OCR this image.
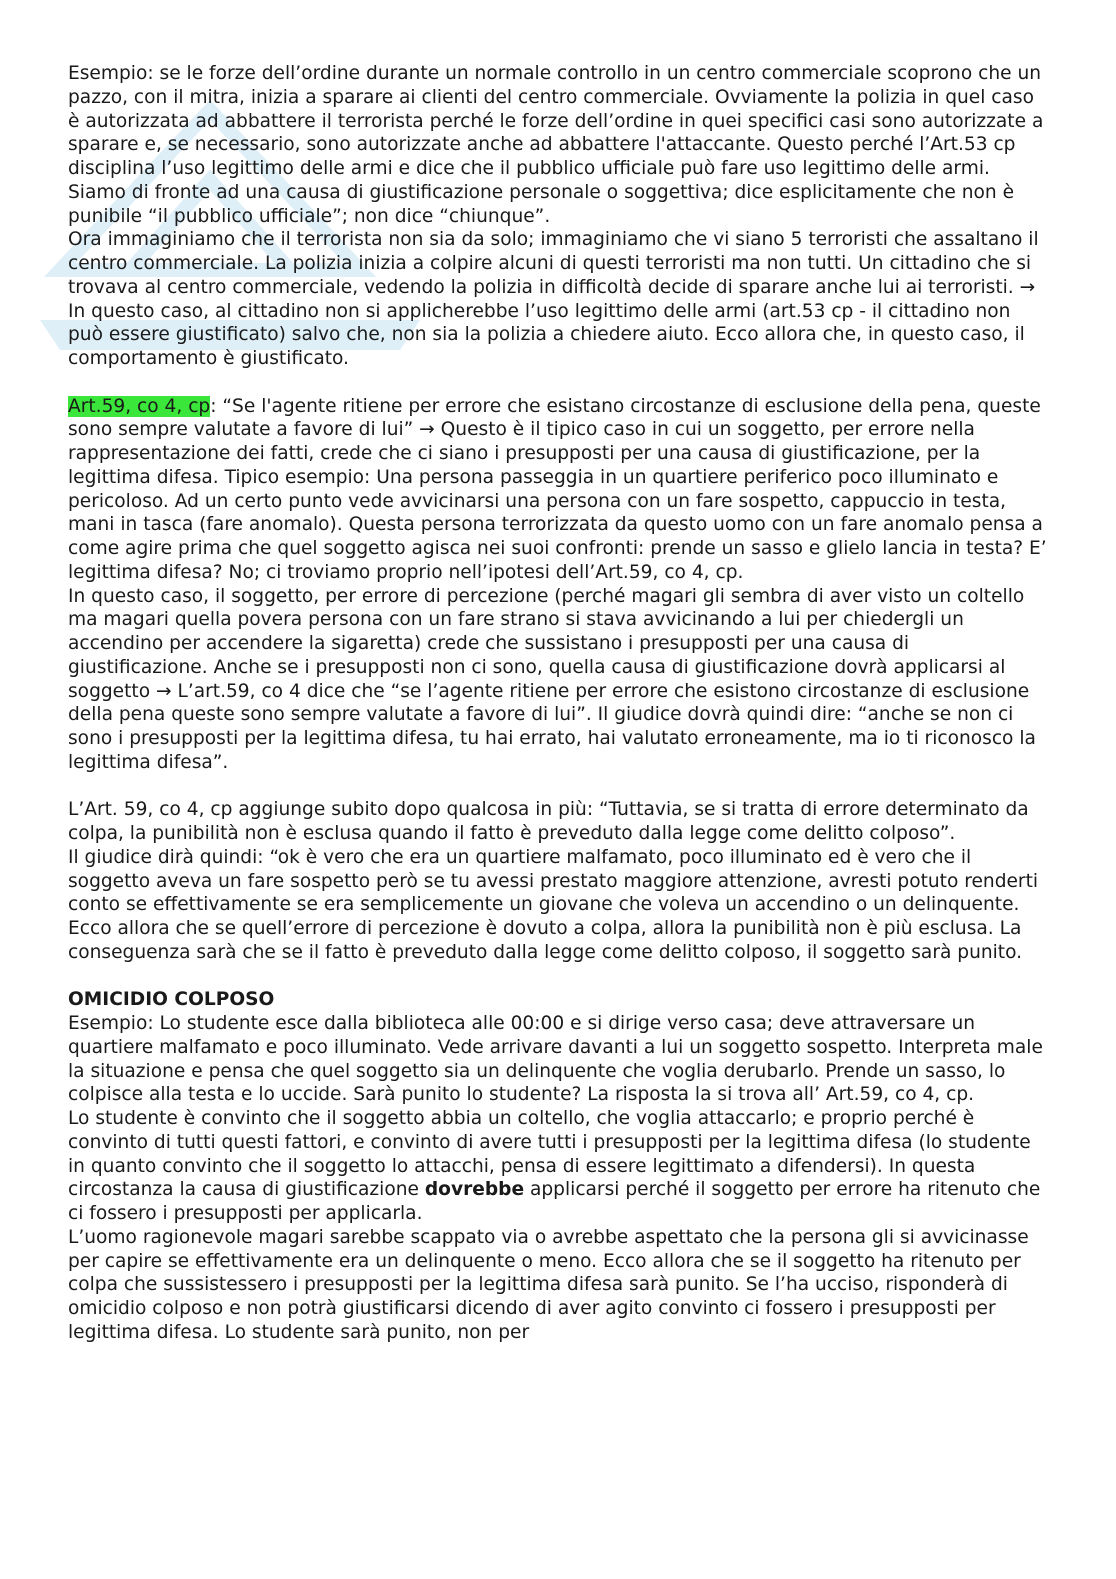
Esempio: se le forze dell’ordine durante un normale controllo in un centro commerciale scoprono che un pazzo, con il mitra, inizia a sparare ai clienti del centro commerciale. Ovviamente la polizia in quel caso è autorizzata ad abbattere il terrorista perché le forze dell’ordine in quei specifici casi sono autorizzate a sparare e, se necessario, sono autorizzate anche ad abbattere l'attaccante. Questo perché l’Art.53 cp disciplina l’uso legittimo delle armi e dice che il pubblico ufficiale può fare uso legittimo delle armi. Siamo di fronte ad una causa di giustificazione personale o soggettiva; dice esplicitamente che non è punibile “il pubblico ufficiale”; non dice “chiunque”.

Ora immaginiamo che il terrorista non sia da solo; immaginiamo che vi siano 5 terroristi che assaltano il centro commerciale. La polizia inizia a colpire alcuni di questi terroristi ma non tutti. Un cittadino che si trovava al centro commerciale, vedendo la polizia in difficoltà decide di sparare anche lui ai terroristi. → In questo caso, al cittadino non si applicherebbe l’uso legittimo delle armi (art.53 cp - il cittadino non può essere giustificato) salvo che, non sia la polizia a chiedere aiuto. Ecco allora che, in questo caso, il comportamento è giustificato.

Art.59, co 4, cp: “Se l'agente ritiene per errore che esistano circostanze di esclusione della pena, queste sono sempre valutate a favore di lui” → Questo è il tipico caso in cui un soggetto, per errore nella rappresentazione dei fatti, crede che ci siano i presupposti per una causa di giustificazione, per la legittima difesa. Tipico esempio: Una persona passeggia in un quartiere periferico poco illuminato e pericoloso. Ad un certo punto vede avvicinarsi una persona con un fare sospetto, cappuccio in testa, mani in tasca (fare anomalo). Questa persona terrorizzata da questo uomo con un fare anomalo pensa a come agire prima che quel soggetto agisca nei suoi confronti: prende un sasso e glielo lancia in testa? E’ legittima difesa? No; ci troviamo proprio nell’ipotesi dell’Art.59, co 4, cp.

In questo caso, il soggetto, per errore di percezione (perché magari gli sembra di aver visto un coltello ma magari quella povera persona con un fare strano si stava avvicinando a lui per chiedergli un accendino per accendere la sigaretta) crede che sussistano i presupposti per una causa di giustificazione. Anche se i presupposti non ci sono, quella causa di giustificazione dovrà applicarsi al soggetto → L’art.59, co 4 dice che “se l’agente ritiene per errore che esistono circostanze di esclusione della pena queste sono sempre valutate a favore di lui”. Il giudice dovrà quindi dire: “anche se non ci sono i presupposti per la legittima difesa, tu hai errato, hai valutato erroneamente, ma io ti riconosco la legittima difesa”.

L’Art. 59, co 4, cp aggiunge subito dopo qualcosa in più: “Tuttavia, se si tratta di errore determinato da

colpa, la punibilità non è esclusa quando il fatto è preveduto dalla legge come delitto colposo”.

Il giudice dirà quindi: “ok è vero che era un quartiere malfamato, poco illuminato ed è vero che il soggetto aveva un fare sospetto però se tu avessi prestato maggiore attenzione, avresti potuto renderti conto se effettivamente se era semplicemente un giovane che voleva un accendino o un delinquente. Ecco allora che se quell’errore di percezione è dovuto a colpa, allora la punibilità non è più esclusa. La conseguenza sarà che se il fatto è preveduto dalla legge come delitto colposo, il soggetto sarà punito.

OMICIDIO COLPOSO

Esempio: Lo studente esce dalla biblioteca alle 00:00 e si dirige verso casa; deve attraversare un quartiere malfamato e poco illuminato. Vede arrivare davanti a lui un soggetto sospetto. Interpreta male la situazione e pensa che quel soggetto sia un delinquente che voglia derubarlo. Prende un sasso, lo colpisce alla testa e lo uccide. Sarà punito lo studente? La risposta la si trova all’ Art.59, co 4, cp.

Lo studente è convinto che il soggetto abbia un coltello, che voglia attaccarlo; e proprio perché è convinto di tutti questi fattori, e convinto di avere tutti i presupposti per la legittima difesa (lo studente in quanto convinto che il soggetto lo attacchi, pensa di essere legittimato a difendersi). In questa circostanza la causa di giustificazione dovrebbe applicarsi perché il soggetto per errore ha ritenuto che ci fossero i presupposti per applicarla.

L’uomo ragionevole magari sarebbe scappato via o avrebbe aspettato che la persona gli si avvicinasse per capire se effettivamente era un delinquente o meno. Ecco allora che se il soggetto ha ritenuto per colpa che sussistessero i presupposti per la legittima difesa sarà punito. Se l’ha ucciso, risponderà di omicidio colposo e non potrà giustificarsi dicendo di aver agito convinto ci fossero i presupposti per legittima difesa. Lo studente sarà punito, non per
